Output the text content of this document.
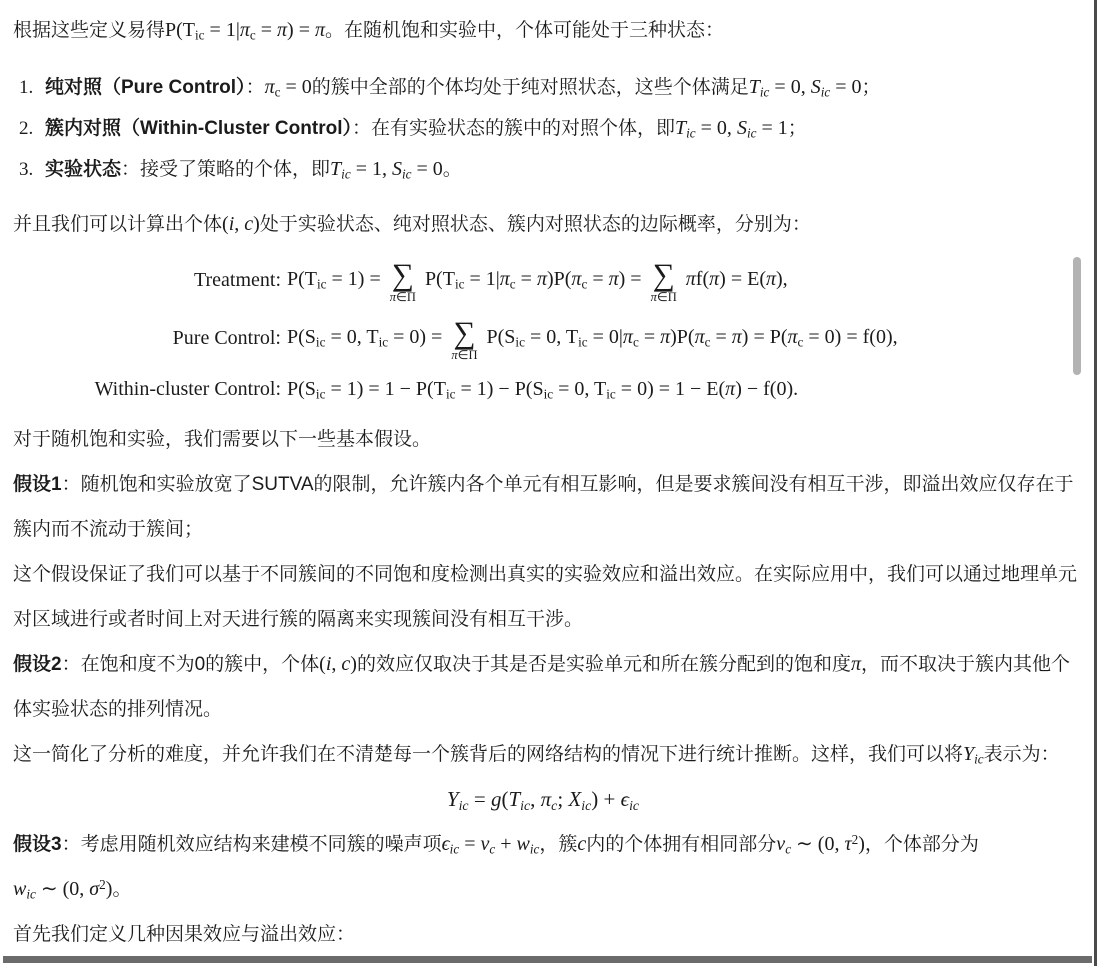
根据这些定义易得$P(T_{ic} = 1|\pi_c = \pi) = \pi$。在随机饱和实验中，个体可能处于三种状态：

1. 纯对照（Pure Control）：$\pi_c = 0$的簇中全部的个体均处于纯对照状态，这些个体满足$T_{ic} = 0$, $S_{ic} = 0$；
2. 簇内对照（Within-Cluster Control）：在有实验状态的簇中的对照个体，即$T_{ic} = 0$, $S_{ic} = 1$；
3. 实验状态：接受了策略的个体，即$T_{ic} = 1$, $S_{ic} = 0$。

并且我们可以计算出个体(i, c)处于实验状态、纯对照状态、簇内对照状态的边际概率，分别为：

Treatment: $P(T_{ic} = 1)$ = ∑
π∈Π
$P(T_{ic} = 1|\pi_c = \pi)P(\pi_c = \pi)$ = ∑
π∈Π
πf(π) = E(π),
Pure Control: $P(S_{ic} = 0$, $T_{ic} = 0$) = ∑
π∈Π
$P(S_{ic} = 0$, $T_{ic} = 0|\pi_c = \pi)P(\pi_c = \pi) = P(\pi_c = 0) = f(0)$,
Within-cluster Control: $P(S_{ic} = 1) = 1 - P(T_{ic} = 1) - P(S_{ic} = 0$, $T_{ic} = 0) = 1 - E(\pi) - f(0)$.

对于随机饱和实验，我们需要以下一些基本假设。

假设1：随机饱和实验放宽了SUTVA的限制，允许簇内各个单元有相互影响，但是要求簇间没有相互干涉，即溢出效应仅存在于
簇内而不流动于簇间；

这个假设保证了我们可以基于不同簇间的不同饱和度检测出真实的实验效应和溢出效应。在实际应用中，我们可以通过地理单元
对区域进行或者时间上对天进行簇的隔离来实现簇间没有相互干涉。

假设2：在饱和度不为0的簇中，个体(i, c)的效应仅取决于其是否是实验单元和所在簇分配到的饱和度π，而不取决于簇内其他个
体实验状态的排列情况。

这一简化了分析的难度，并允许我们在不清楚每一个簇背后的网络结构的情况下进行统计推断。这样，我们可以将$Y_{ic}$表示为：

$Y_{ic} = g(T_{ic}$, $\pi_c$; $X_{ic}) + \epsilon_{ic}$

假设3：考虑用随机效应结构来建模不同簇的噪声项$\epsilon_{ic} = v_c + w_{ic}$，簇c内的个体拥有相同部分$v_c$ ∼ (0, $\tau^2$)，个体部分为
$w_{ic}$ ∼ (0, $\sigma^2$)。

首先我们定义几种因果效应与溢出效应：
